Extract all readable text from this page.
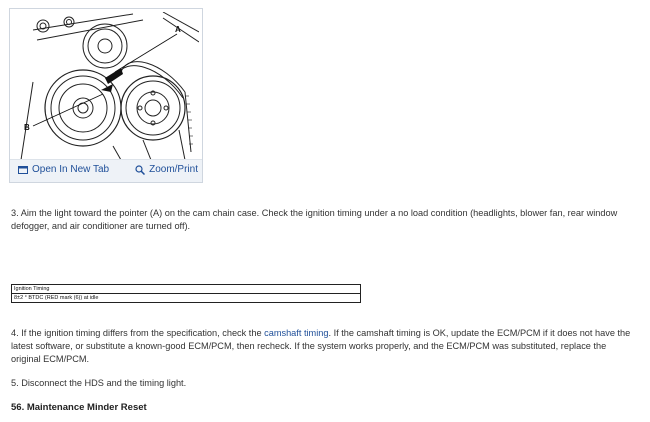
A
B
Open In New Tab	Zoom/Print

3. Aim the light toward the pointer (A) on the cam chain case. Check the ignition timing under a no load condition (headlights, blower fan, rear window defogger, and air conditioner are turned off).

Ignition Timing
8±2 ° BTDC (RED mark (6)) at idle

4. If the ignition timing differs from the specification, check the camshaft timing. If the camshaft timing is OK, update the ECM/PCM if it does not have the latest software, or substitute a known-good ECM/PCM, then recheck. If the system works properly, and the ECM/PCM was substituted, replace the original ECM/PCM.

5. Disconnect the HDS and the timing light.

56. Maintenance Minder Reset
